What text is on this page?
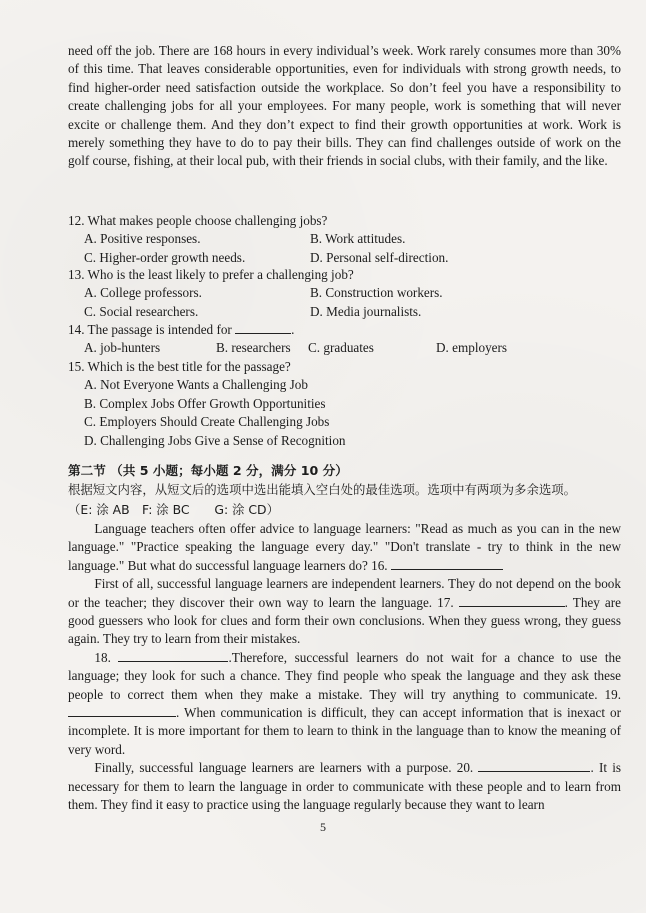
need off the job. There are 168 hours in every individual’s week. Work rarely consumes more than 30% of this time. That leaves considerable opportunities, even for individuals with strong growth needs, to find higher-order need satisfaction outside the workplace. So don’t feel you have a responsibility to create challenging jobs for all your employees. For many people, work is something that will never excite or challenge them. And they don’t expect to find their growth opportunities at work. Work is merely something they have to do to pay their bills. They can find challenges outside of work on the golf course, fishing, at their local pub, with their friends in social clubs, with their family, and the like.

12. What makes people choose challenging jobs?
A. Positive responses.	B. Work attitudes.
C. Higher-order growth needs.	D. Personal self-direction.
13. Who is the least likely to prefer a challenging job?
A. College professors.	B. Construction workers.
C. Social researchers.	D. Media journalists.
14. The passage is intended for	.
A. job-hunters	B. researchers	C. graduates	D. employers
15. Which is the best title for the passage?
A. Not Everyone Wants a Challenging Job
B. Complex Jobs Offer Growth Opportunities
C. Employers Should Create Challenging Jobs
D. Challenging Jobs Give a Sense of Recognition
第二节 （共 5 小题；每小题 2 分，满分 10 分）
根据短文内容，从短文后的选项中选出能填入空白处的最佳选项。选项中有两项为多余选项。
（E: 涂 AB　F: 涂 BC　　G: 涂 CD）

Language teachers often offer advice to language learners: "Read as much as you can in the new language." "Practice speaking the language every day." "Don't translate - try to think in the new language." But what do successful language learners do? 16.

First of all, successful language learners are independent learners. They do not depend on the book or the teacher; they discover their own way to learn the language. 17.	. They are good guessers who look for clues and form their own conclusions. When they guess wrong, they guess again. They try to learn from their mistakes.

18.	.Therefore, successful learners do not wait for a chance to use the language; they look for such a chance. They find people who speak the language and they ask these people to correct them when they make a mistake. They will try anything to communicate. 19.. When communication is difficult, they can accept information that is inexact or incomplete. It is more important for them to learn to think in the language than to know the meaning of very word.

Finally, successful language learners are learners with a purpose. 20.	. It is necessary for them to learn the language in order to communicate with these people and to learn from them. They find it easy to practice using the language regularly because they want to learn

5
